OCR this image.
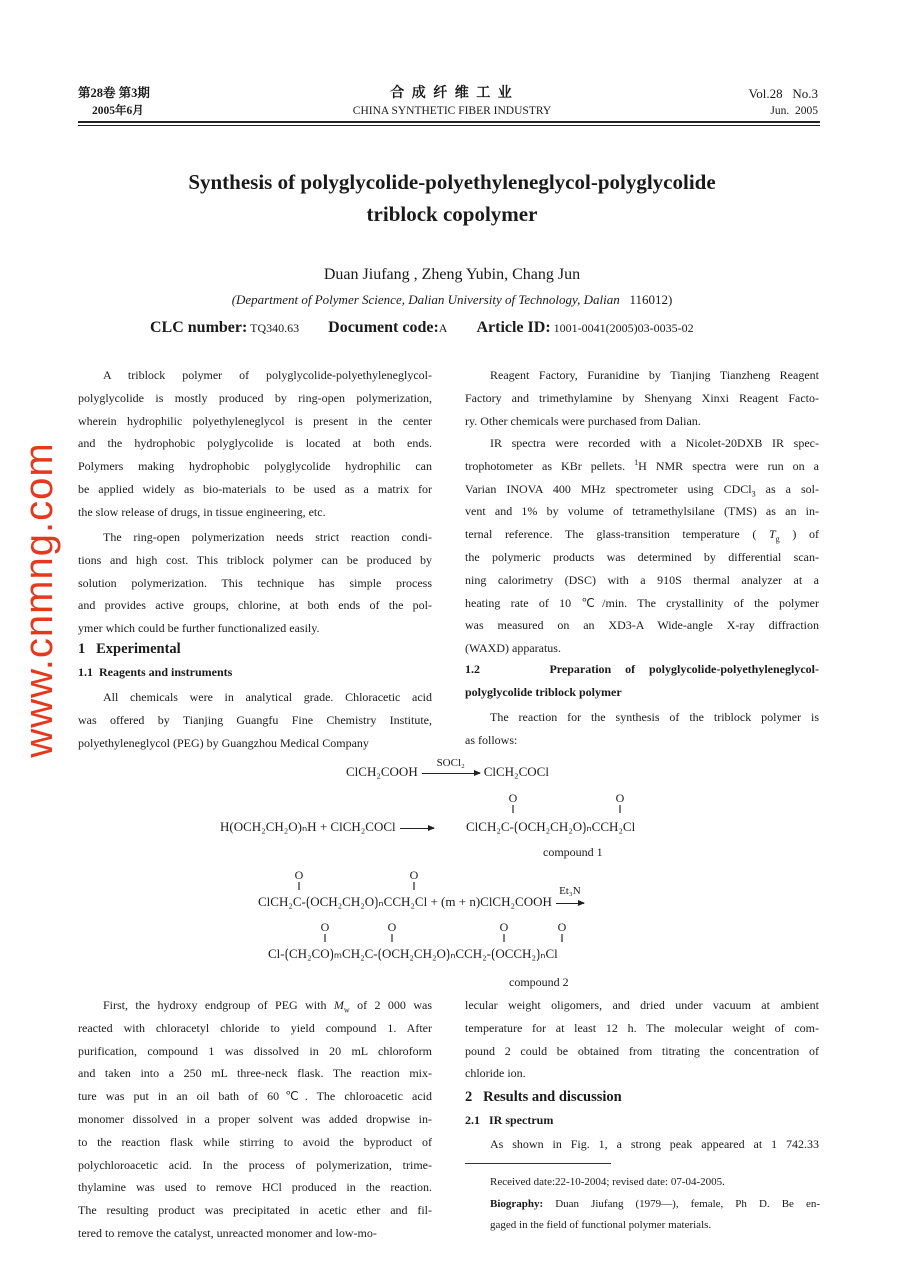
第28卷 第3期
2005年6月
合 成 纤 维 工 业
CHINA SYNTHETIC FIBER INDUSTRY
Vol.28   No.3
Jun.  2005
Synthesis of polyglycolide-polyethyleneglycol-polyglycolide
triblock copolymer
Duan Jiufang , Zheng Yubin, Chang Jun
(Department of Polymer Science, Dalian University of Technology, Dalian 116012)
CLC number: TQ340.63 Document code:A Article ID: 1001-0041(2005)03-0035-02
A triblock polymer of polyglycolide-polyethyleneglycol-
polyglycolide is mostly produced by ring-open polymerization,
wherein hydrophilic polyethyleneglycol is present in the center
and the hydrophobic polyglycolide is located at both ends.
Polymers making hydrophobic polyglycolide hydrophilic can
be applied widely as bio-materials to be used as a matrix for
the slow release of drugs, in tissue engineering, etc.
The ring-open polymerization needs strict reaction condi-
tions and high cost. This triblock polymer can be produced by
solution polymerization. This technique has simple process
and provides active groups, chlorine, at both ends of the pol-
ymer which could be further functionalized easily.
1   Experimental
1.1  Reagents and instruments
All chemicals were in analytical grade. Chloracetic acid
was offered by Tianjing Guangfu Fine Chemistry Institute,
polyethyleneglycol (PEG) by Guangzhou Medical Company
First, the hydroxy endgroup of PEG with $M_w$ of 2 000 was
reacted with chloracetyl chloride to yield compound 1. After
purification, compound 1 was dissolved in 20 mL chloroform
and taken into a 250 mL three-neck flask. The reaction mix-
ture was put in an oil bath of 60℃. The chloroacetic acid
monomer dissolved in a proper solvent was added dropwise in-
to the reaction flask while stirring to avoid the byproduct of
polychloroacetic acid. In the process of polymerization, trime-
thylamine was used to remove HCl produced in the reaction.
The resulting product was precipitated in acetic ether and fil-
tered to remove the catalyst, unreacted monomer and low-mo-
Reagent Factory, Furanidine by Tianjing Tianzheng Reagent
Factory and trimethylamine by Shenyang Xinxi Reagent Facto-
ry. Other chemicals were purchased from Dalian.
IR spectra were recorded with a Nicolet-20DXB IR spec-
trophotometer as KBr pellets. $^1$H NMR spectra were run on a
Varian INOVA 400 MHz spectrometer using CDCl$_3$ as a sol-
vent and 1% by volume of tetramethylsilane (TMS) as an in-
ternal reference. The glass-transition temperature ( $T_g$ ) of
the polymeric products was determined by differential scan-
ning calorimetry (DSC) with a 910S thermal analyzer at a
heating rate of 10 ℃/min. The crystallinity of the polymer
was measured on an XD3-A Wide-angle X-ray diffraction
(WAXD) apparatus.
1.2     Preparation of polyglycolide-polyethyleneglycol-
polyglycolide triblock polymer
The reaction for the synthesis of the triblock polymer is
as follows:
lecular weight oligomers, and dried under vacuum at ambient
temperature for at least 12 h. The molecular weight of com-
pound 2 could be obtained from titrating the concentration of
chloride ion.
2   Results and discussion
2.1   IR spectrum
As shown in Fig. 1, a strong peak appeared at 1 742.33
ClCH₂COOH
SOCl₂
ClCH₂COCl
H(OCH₂CH₂O)ₙH + ClCH₂COCl →	ClCH₂C-⟮OCH₂CH₂O⟯ₙCCH₂Cl
O
‖
O
‖
compound 1
ClCH₂C-⟮OCH₂CH₂O⟯ₙCCH₂Cl + (m + n)ClCH₂COOH
Et₃N
O
‖
O
‖
Cl-⟮CH₂CO⟯ₘCH₂C-⟮OCH₂CH₂O⟯ₙCCH₂-⟮OCCH₂⟯ₙCl
O
‖
O
‖
O
‖
O
‖
compound 2
Received date:22-10-2004; revised date: 07-04-2005.
Biography: Duan Jiufang (1979—), female, Ph D. Be en-
gaged in the field of functional polymer materials.
www.cnmng.com
